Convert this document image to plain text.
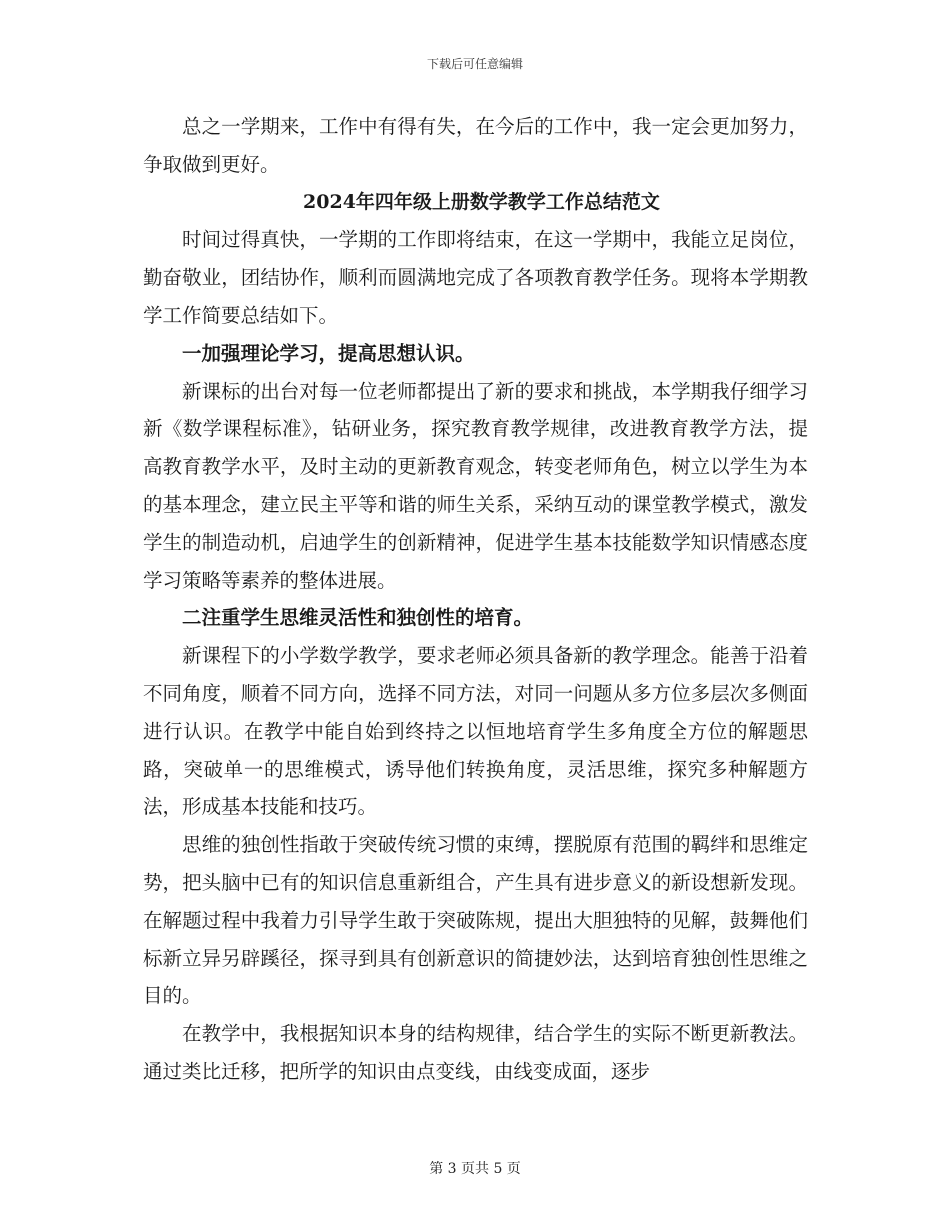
下载后可任意编辑

总之一学期来，工作中有得有失，在今后的工作中，我一定会更加努力，争取做到更好。

2024年四年级上册数学教学工作总结范文

时间过得真快，一学期的工作即将结束，在这一学期中，我能立足岗位，勤奋敬业，团结协作，顺利而圆满地完成了各项教育教学任务。现将本学期教学工作简要总结如下。

一加强理论学习，提高思想认识。

新课标的出台对每一位老师都提出了新的要求和挑战，本学期我仔细学习新《数学课程标准》，钻研业务，探究教育教学规律，改进教育教学方法，提高教育教学水平，及时主动的更新教育观念，转变老师角色，树立以学生为本的基本理念，建立民主平等和谐的师生关系，采纳互动的课堂教学模式，激发学生的制造动机，启迪学生的创新精神，促进学生基本技能数学知识情感态度学习策略等素养的整体进展。

二注重学生思维灵活性和独创性的培育。

新课程下的小学数学教学，要求老师必须具备新的教学理念。能善于沿着不同角度，顺着不同方向，选择不同方法，对同一问题从多方位多层次多侧面进行认识。在教学中能自始到终持之以恒地培育学生多角度全方位的解题思路，突破单一的思维模式，诱导他们转换角度，灵活思维，探究多种解题方法，形成基本技能和技巧。

思维的独创性指敢于突破传统习惯的束缚，摆脱原有范围的羁绊和思维定势，把头脑中已有的知识信息重新组合，产生具有进步意义的新设想新发现。在解题过程中我着力引导学生敢于突破陈规，提出大胆独特的见解，鼓舞他们标新立异另辟蹊径，探寻到具有创新意识的简捷妙法，达到培育独创性思维之目的。

在教学中，我根据知识本身的结构规律，结合学生的实际不断更新教法。通过类比迁移，把所学的知识由点变线，由线变成面，逐步

第 3 页共 5 页
